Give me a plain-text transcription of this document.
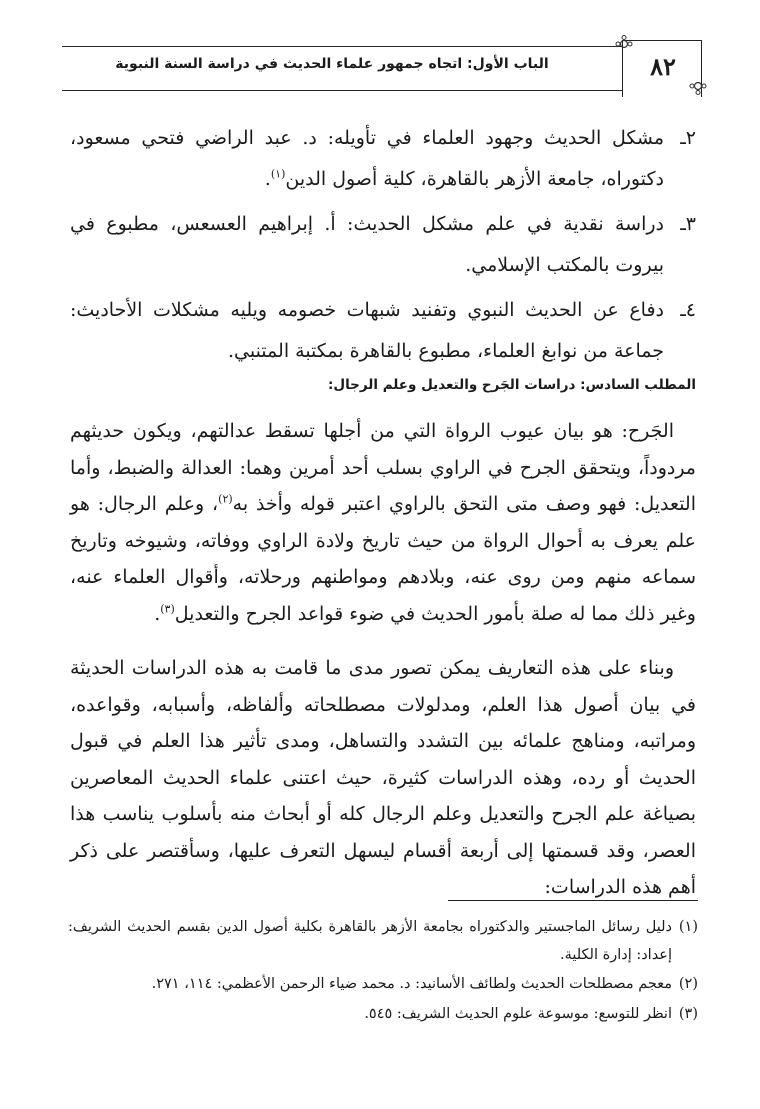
الباب الأول: اتجاه جمهور علماء الحديث في دراسة السنة النبوية	٨٢
٢ـ
مشكل الحديث وجهود العلماء في تأويله: د. عبد الراضي فتحي مسعود، دكتوراه، جامعة الأزهر بالقاهرة، كلية أصول الدين$^{(١)}$.
٣ـ
دراسة نقدية في علم مشكل الحديث: أ. إبراهيم العسعس، مطبوع في بيروت بالمكتب الإسلامي.
٤ـ
دفاع عن الحديث النبوي وتفنيد شبهات خصومه ويليه مشكلات الأحاديث: جماعة من نوابغ العلماء، مطبوع بالقاهرة بمكتبة المتنبي.
المطلب السادس: دراسات الجَرح والتعديل وعلم الرجال:

الجَرح: هو بيان عيوب الرواة التي من أجلها تسقط عدالتهم، ويكون حديثهم مردوداً، ويتحقق الجرح في الراوي بسلب أحد أمرين وهما: العدالة والضبط، وأما التعديل: فهو وصف متى التحق بالراوي اعتبر قوله وأخذ به$^{(٢)}$، وعلم الرجال: هو علم يعرف به أحوال الرواة من حيث تاريخ ولادة الراوي ووفاته، وشيوخه وتاريخ سماعه منهم ومن روى عنه، وبلادهم ومواطنهم ورحلاته، وأقوال العلماء عنه، وغير ذلك مما له صلة بأمور الحديث في ضوء قواعد الجرح والتعديل$^{(٣)}$.

وبناء على هذه التعاريف يمكن تصور مدى ما قامت به هذه الدراسات الحديثة في بيان أصول هذا العلم، ومدلولات مصطلحاته وألفاظه، وأسبابه، وقواعده، ومراتبه، ومناهج علمائه بين التشدد والتساهل، ومدى تأثير هذا العلم في قبول الحديث أو رده، وهذه الدراسات كثيرة، حيث اعتنى علماء الحديث المعاصرين بصياغة علم الجرح والتعديل وعلم الرجال كله أو أبحاث منه بأسلوب يناسب هذا العصر، وقد قسمتها إلى أربعة أقسام ليسهل التعرف عليها، وسأقتصر على ذكر أهم هذه الدراسات:

(١)
دليل رسائل الماجستير والدكتوراه بجامعة الأزهر بالقاهرة بكلية أصول الدين بقسم الحديث الشريف: إعداد: إدارة الكلية.
(٢)
معجم مصطلحات الحديث ولطائف الأسانيد: د. محمد ضياء الرحمن الأعظمي: ١١٤، ٢٧١.
(٣)
انظر للتوسع: موسوعة علوم الحديث الشريف: ٥٤٥.
